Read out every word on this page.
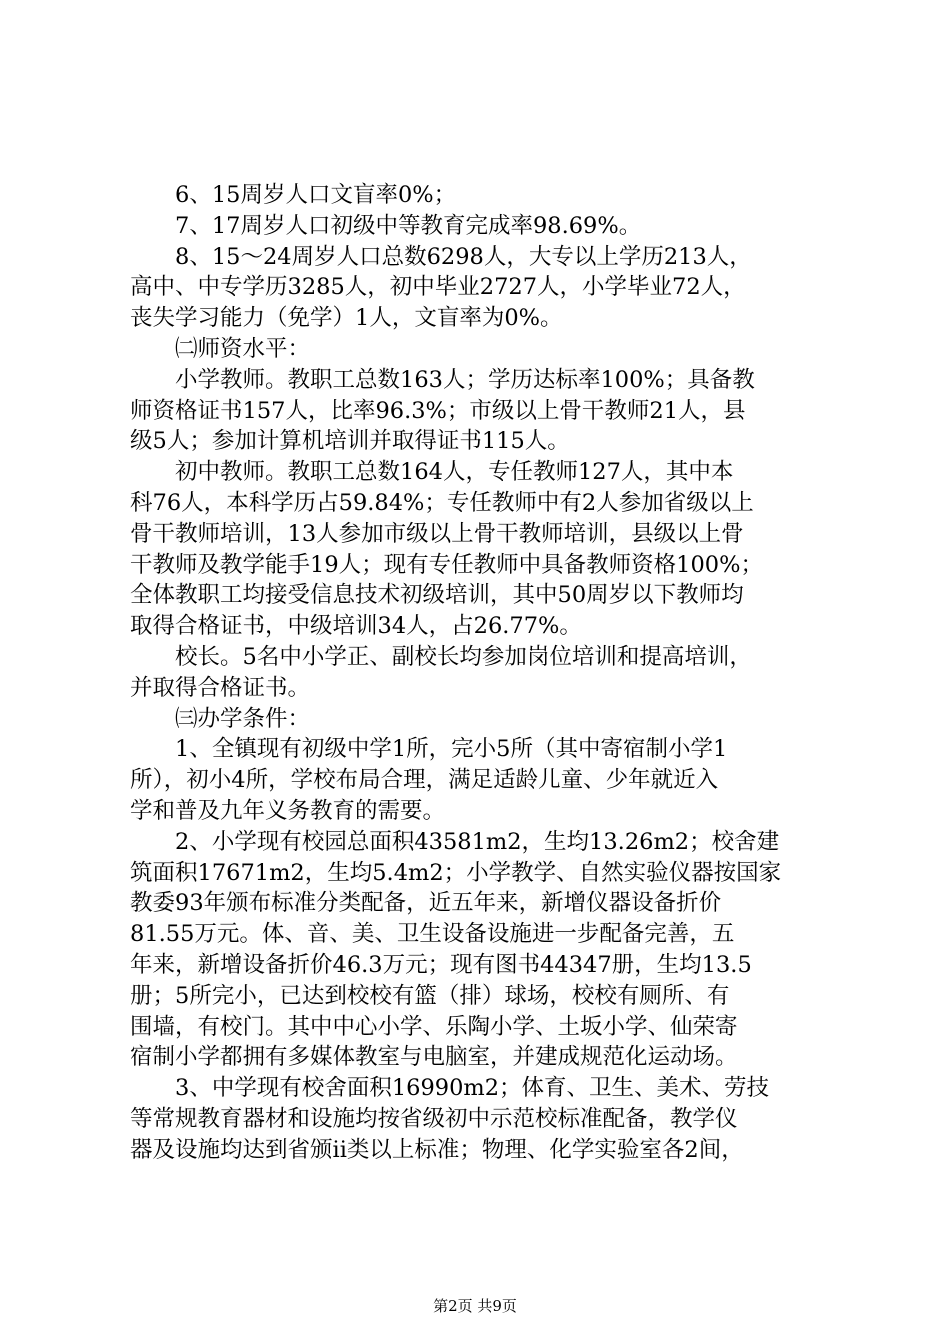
　　6、15周岁人口文盲率0%；
　　7、17周岁人口初级中等教育完成率98.69%。
　　8、15～24周岁人口总数6298人，大专以上学历213人，
高中、中专学历3285人，初中毕业2727人，小学毕业72人，
丧失学习能力（免学）1人，文盲率为0%。
　　㈡师资水平：
　　小学教师。教职工总数163人；学历达标率100%；具备教
师资格证书157人，比率96.3%；市级以上骨干教师21人，县
级5人；参加计算机培训并取得证书115人。
　　初中教师。教职工总数164人，专任教师127人，其中本
科76人，本科学历占59.84%；专任教师中有2人参加省级以上
骨干教师培训，13人参加市级以上骨干教师培训，县级以上骨
干教师及教学能手19人；现有专任教师中具备教师资格100%；
全体教职工均接受信息技术初级培训，其中50周岁以下教师均
取得合格证书，中级培训34人，占26.77%。
　　校长。5名中小学正、副校长均参加岗位培训和提高培训，
并取得合格证书。
　　㈢办学条件：
　　1、全镇现有初级中学1所，完小5所（其中寄宿制小学1
所），初小4所，学校布局合理，满足适龄儿童、少年就近入
学和普及九年义务教育的需要。
　　2、小学现有校园总面积43581m2，生均13.26m2；校舍建
筑面积17671m2，生均5.4m2；小学教学、自然实验仪器按国家
教委93年颁布标准分类配备，近五年来，新增仪器设备折价
81.55万元。体、音、美、卫生设备设施进一步配备完善，五
年来，新增设备折价46.3万元；现有图书44347册，生均13.5
册；5所完小，已达到校校有篮（排）球场，校校有厕所、有
围墙，有校门。其中中心小学、乐陶小学、土坂小学、仙荣寄
宿制小学都拥有多媒体教室与电脑室，并建成规范化运动场。
　　3、中学现有校舍面积16990m2；体育、卫生、美术、劳技
等常规教育器材和设施均按省级初中示范校标准配备，教学仪
器及设施均达到省颁ii类以上标准；物理、化学实验室各2间，
第2页 共9页
